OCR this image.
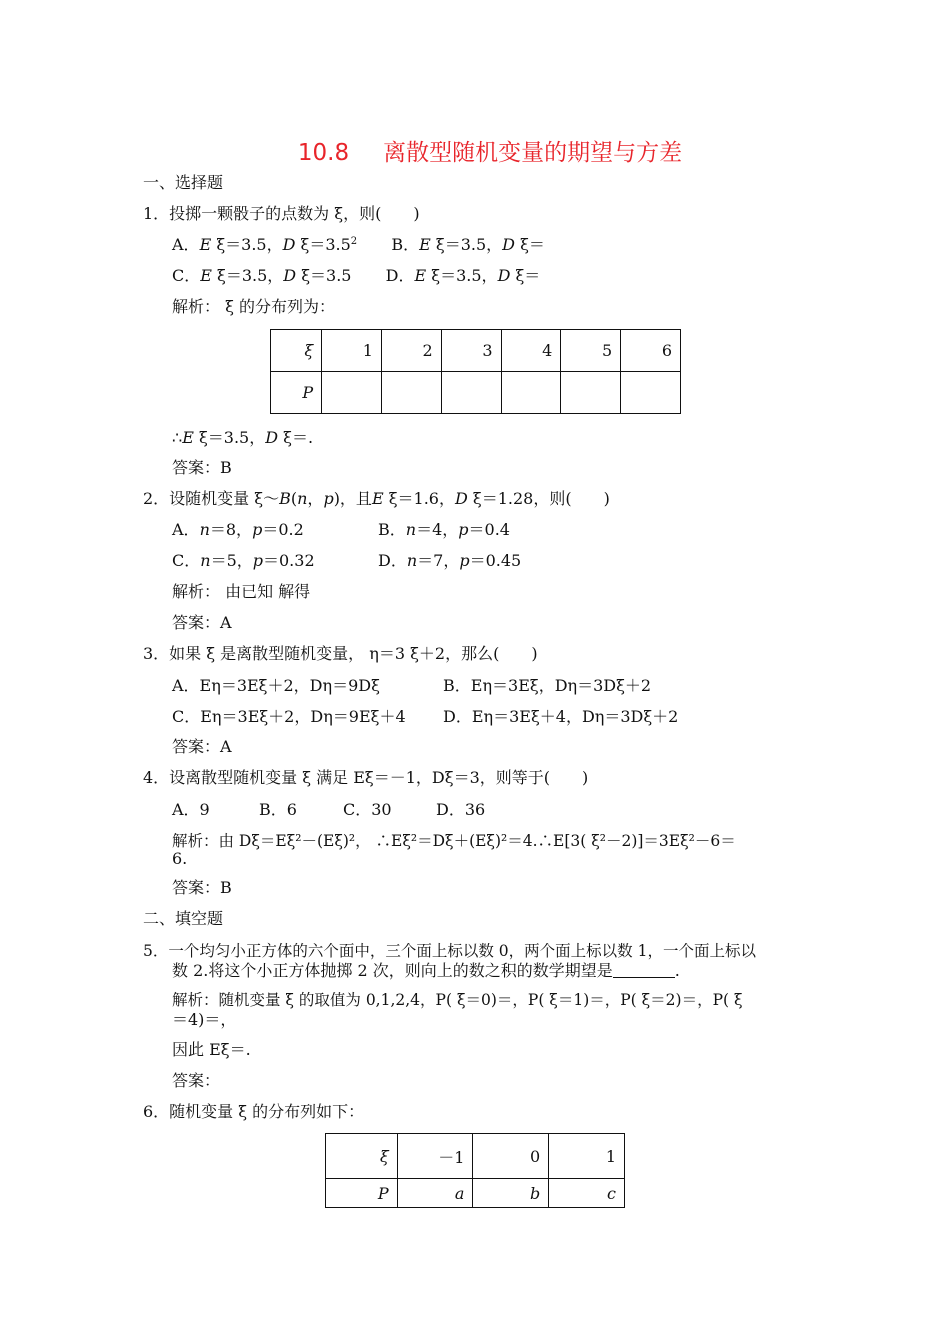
10.8 离散型随机变量的期望与方差
一、选择题
1．投掷一颗骰子的点数为 ξ，则(　　)
A．E ξ＝3.5，D $\xi=3.5^2$ B．E ξ＝3.5，D ξ＝
C．E ξ＝3.5，D ξ＝3.5 D．E ξ＝3.5，D ξ＝
解析： ξ 的分布列为：
ξ	1	2	3	4	5	6
P						
∴E ξ＝3.5，D ξ＝.
答案：B
2．设随机变量 ξ～B(n，p)，且E ξ＝1.6，D ξ＝1.28，则(　　)
A．n＝8，p＝0.2	B．n＝4，p＝0.4
C．n＝5，p＝0.32	D．n＝7，p＝0.45
解析： 由已知 解得
答案：A
3．如果 ξ 是离散型随机变量， η＝3 ξ＋2，那么(　　)
A．Eη＝3Eξ＋2，Dη＝9Dξ	B．Eη＝3Eξ，Dη＝3Dξ＋2
C．Eη＝3Eξ＋2，Dη＝9Eξ＋4 D．Eη＝3Eξ＋4，Dη＝3Dξ＋2
答案：A
4．设离散型随机变量 ξ 满足 Eξ＝－1，Dξ＝3，则等于(　　)
A．9	B．6	C．30	D．36
解析：由 Dξ＝Eξ²－(Eξ)²， ∴Eξ²＝Dξ＋(Eξ)²＝4.∴E[3( ξ²－2)]＝3Eξ²－6＝
6.
答案：B
二、填空题
5．一个均匀小正方体的六个面中，三个面上标以数 0，两个面上标以数 1，一个面上标以
数 2.将这个小正方体抛掷 2 次，则向上的数之积的数学期望是	.
解析：随机变量 ξ 的取值为 0,1,2,4，P( ξ＝0)＝，P( ξ＝1)＝，P( ξ＝2)＝，P( ξ
＝4)＝，
因此 Eξ＝.
答案：
6．随机变量 ξ 的分布列如下：
ξ	－1	0	1
P	a	b	c
